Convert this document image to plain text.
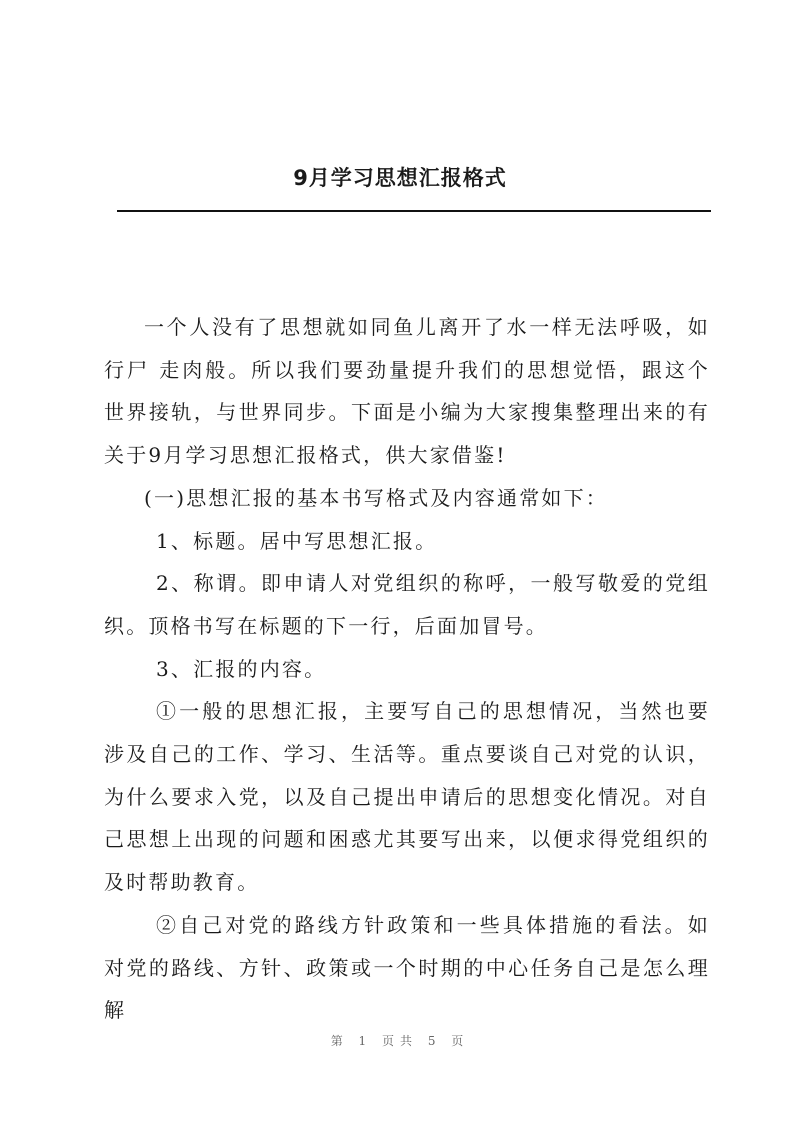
9月学习思想汇报格式

一个人没有了思想就如同鱼儿离开了水一样无法呼吸，如行尸 走肉般。所以我们要劲量提升我们的思想觉悟，跟这个世界接轨，与世界同步。下面是小编为大家搜集整理出来的有关于9月学习思想汇报格式，供大家借鉴!

(一)思想汇报的基本书写格式及内容通常如下：

1、标题。居中写思想汇报。

2、称谓。即申请人对党组织的称呼，一般写敬爱的党组织。顶格书写在标题的下一行，后面加冒号。

3、汇报的内容。

①一般的思想汇报，主要写自己的思想情况，当然也要涉及自己的工作、学习、生活等。重点要谈自己对党的认识，为什么要求入党，以及自己提出申请后的思想变化情况。对自己思想上出现的问题和困惑尤其要写出来，以便求得党组织的及时帮助教育。

②自己对党的路线方针政策和一些具体措施的看法。如对党的路线、方针、政策或一个时期的中心任务自己是怎么理解

第 1 页共 5 页
